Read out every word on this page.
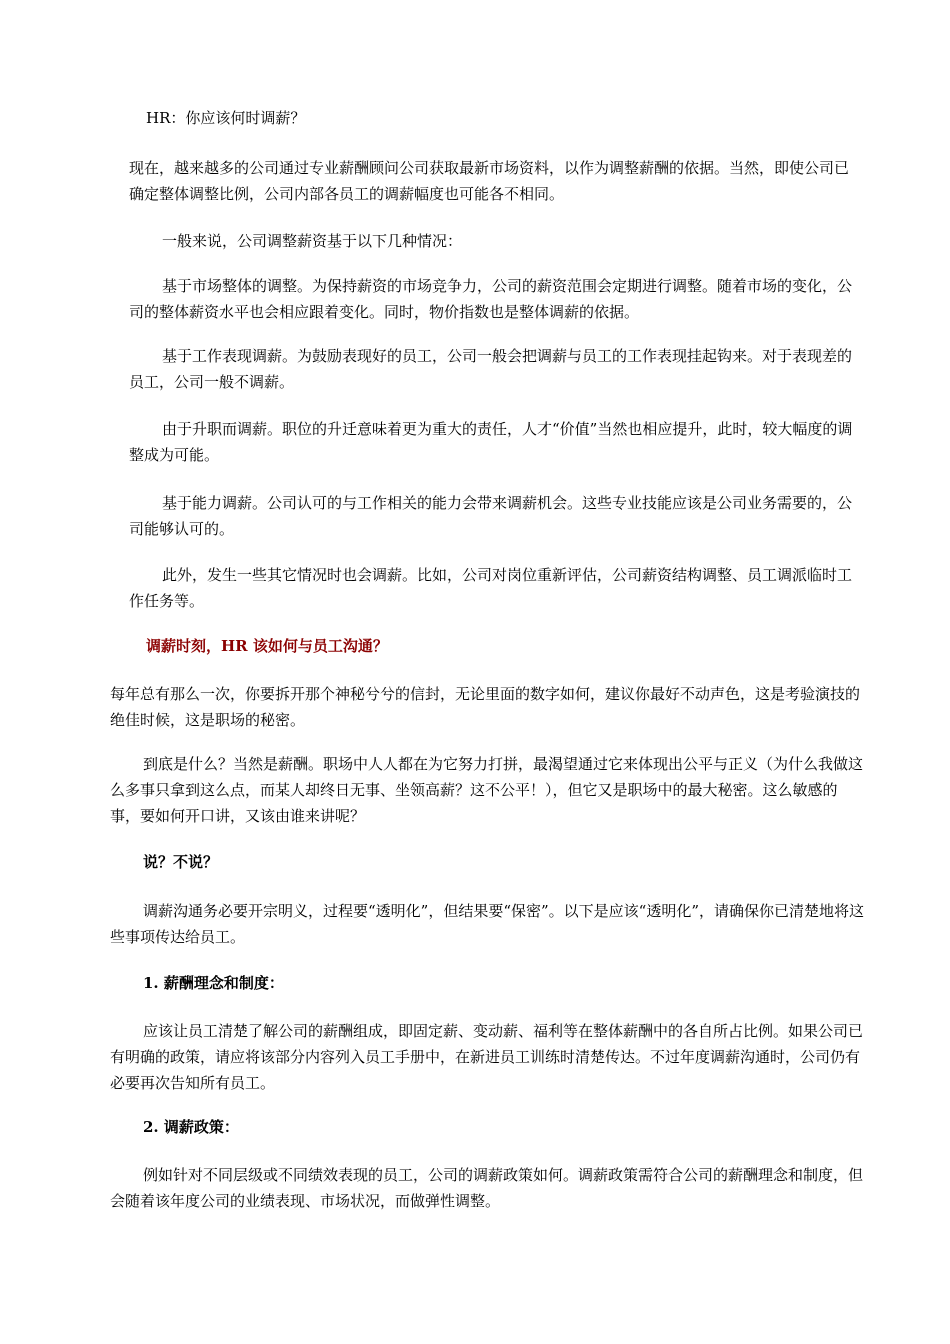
HR：你应该何时调薪？

现在，越来越多的公司通过专业薪酬顾问公司获取最新市场资料，以作为调整薪酬的依据。当然，即使公司已确定整体调整比例，公司内部各员工的调薪幅度也可能各不相同。

一般来说，公司调整薪资基于以下几种情况：

基于市场整体的调整。为保持薪资的市场竞争力，公司的薪资范围会定期进行调整。随着市场的变化，公司的整体薪资水平也会相应跟着变化。同时，物价指数也是整体调薪的依据。

基于工作表现调薪。为鼓励表现好的员工，公司一般会把调薪与员工的工作表现挂起钩来。对于表现差的员工，公司一般不调薪。

由于升职而调薪。职位的升迁意味着更为重大的责任，人才“价值”当然也相应提升，此时，较大幅度的调整成为可能。

基于能力调薪。公司认可的与工作相关的能力会带来调薪机会。这些专业技能应该是公司业务需要的，公司能够认可的。

此外，发生一些其它情况时也会调薪。比如，公司对岗位重新评估，公司薪资结构调整、员工调派临时工作任务等。

调薪时刻，HR 该如何与员工沟通？

每年总有那么一次，你要拆开那个神秘兮兮的信封，无论里面的数字如何，建议你最好不动声色，这是考验演技的绝佳时候，这是职场的秘密。

到底是什么？当然是薪酬。职场中人人都在为它努力打拼，最渴望通过它来体现出公平与正义（为什么我做这么多事只拿到这么点，而某人却终日无事、坐领高薪？这不公平！），但它又是职场中的最大秘密。这么敏感的事，要如何开口讲，又该由谁来讲呢？

说？不说？

调薪沟通务必要开宗明义，过程要“透明化”，但结果要“保密”。以下是应该“透明化”，请确保你已清楚地将这些事项传达给员工。

1. 薪酬理念和制度：

应该让员工清楚了解公司的薪酬组成，即固定薪、变动薪、福利等在整体薪酬中的各自所占比例。如果公司已有明确的政策，请应将该部分内容列入员工手册中，在新进员工训练时清楚传达。不过年度调薪沟通时，公司仍有必要再次告知所有员工。

2. 调薪政策：

例如针对不同层级或不同绩效表现的员工，公司的调薪政策如何。调薪政策需符合公司的薪酬理念和制度，但会随着该年度公司的业绩表现、市场状况，而做弹性调整。
